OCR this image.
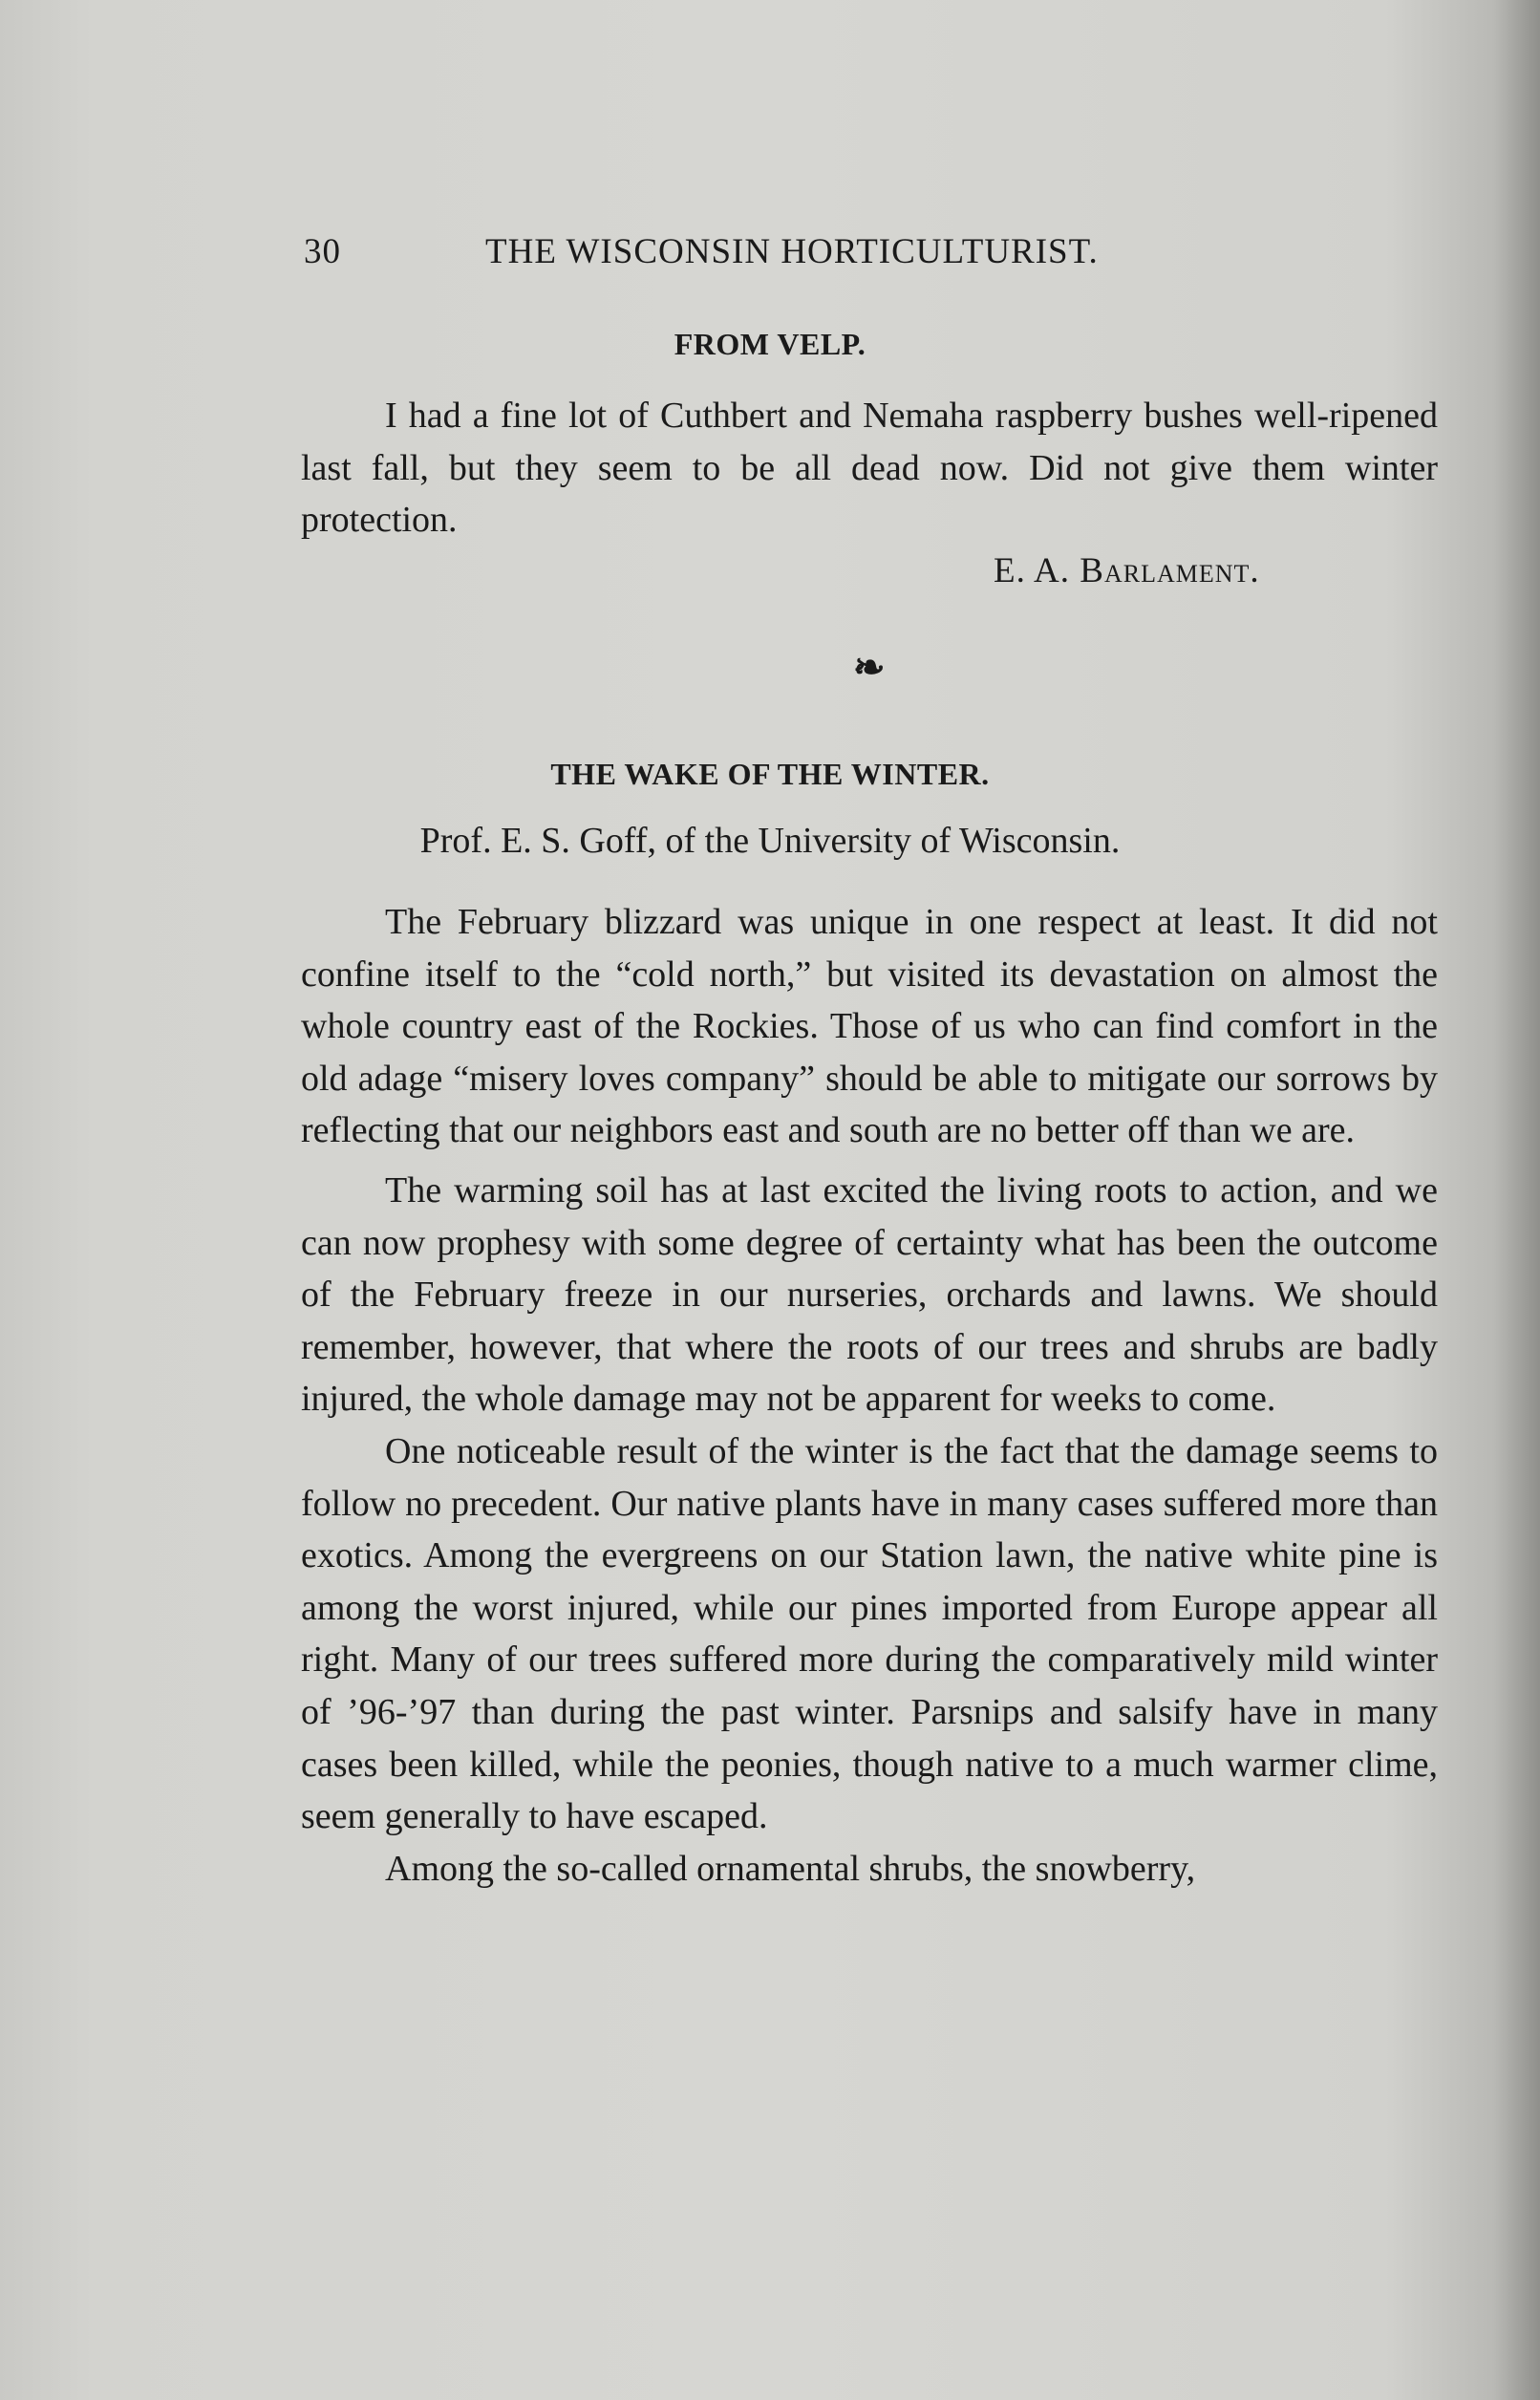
30	THE WISCONSIN HORTICULTURIST.
FROM VELP.

I had a fine lot of Cuthbert and Nemaha raspberry bushes well-ripened last fall, but they seem to be all dead now. Did not give them winter protection.

E. A. Barlament.
❧
THE WAKE OF THE WINTER.
Prof. E. S. Goff, of the University of Wisconsin.

The February blizzard was unique in one respect at least. It did not confine itself to the “cold north,” but visited its devastation on almost the whole country east of the Rockies. Those of us who can find comfort in the old adage “misery loves company” should be able to mitigate our sorrows by reflecting that our neighbors east and south are no better off than we are.

The warming soil has at last excited the living roots to action, and we can now prophesy with some degree of certainty what has been the outcome of the February freeze in our nurseries, orchards and lawns. We should remember, however, that where the roots of our trees and shrubs are badly injured, the whole damage may not be apparent for weeks to come.

One noticeable result of the winter is the fact that the damage seems to follow no precedent. Our native plants have in many cases suffered more than exotics. Among the evergreens on our Station lawn, the native white pine is among the worst injured, while our pines imported from Europe appear all right. Many of our trees suffered more during the comparatively mild winter of ’96-’97 than during the past winter. Parsnips and salsify have in many cases been killed, while the peonies, though native to a much warmer clime, seem generally to have escaped.

Among the so-called ornamental shrubs, the snowberry,
